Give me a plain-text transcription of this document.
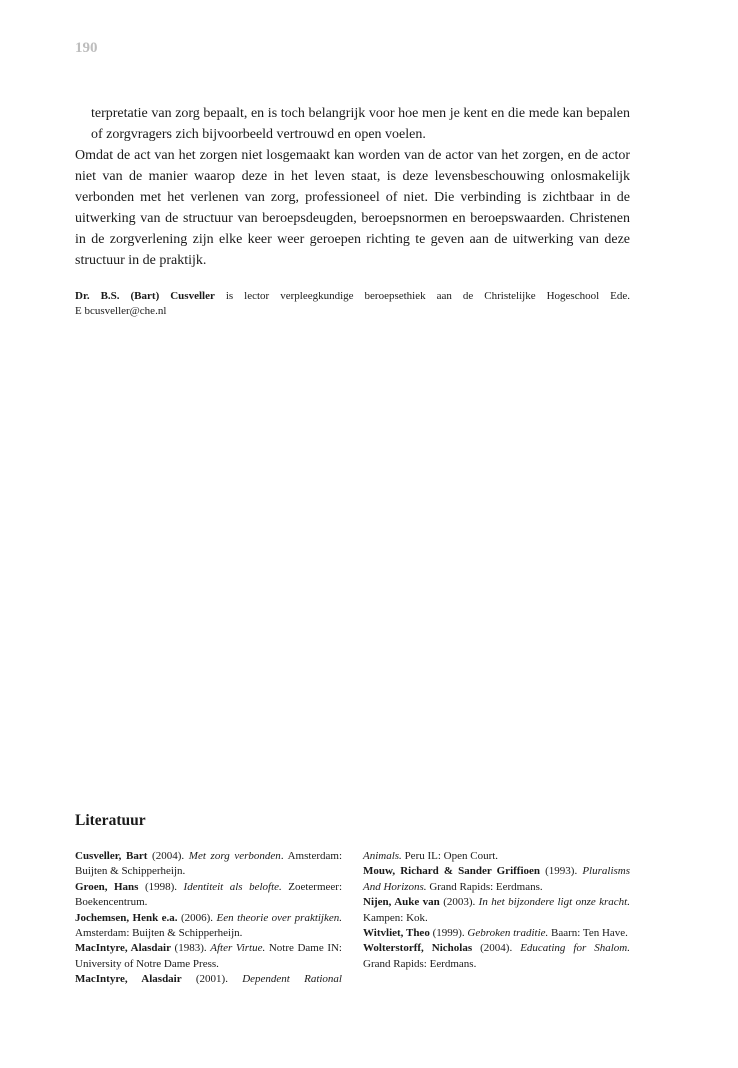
190

terpretatie van zorg bepaalt, en is toch belangrijk voor hoe men je kent en die mede kan bepalen of zorgvragers zich bijvoorbeeld vertrouwd en open voelen.

Omdat de act van het zorgen niet losgemaakt kan worden van de actor van het zorgen, en de actor niet van de manier waarop deze in het leven staat, is deze levensbeschouwing onlosmakelijk verbonden met het verlenen van zorg, professioneel of niet. Die verbinding is zichtbaar in de uitwerking van de structuur van beroepsdeugden, beroepsnormen en beroepswaarden. Christenen in de zorgverlening zijn elke keer weer geroepen richting te geven aan de uitwerking van deze structuur in de praktijk.

Dr. B.S. (Bart) Cusveller is lector verpleegkundige beroepsethiek aan de Christelijke Hogeschool Ede.
E bcusveller@che.nl
Literatuur

Cusveller, Bart (2004). Met zorg verbonden. Amsterdam: Buijten & Schipperheijn.

Groen, Hans (1998). Identiteit als belofte. Zoetermeer: Boekencentrum.

Jochemsen, Henk e.a. (2006). Een theorie over praktijken. Amsterdam: Buijten & Schipperheijn.

MacIntyre, Alasdair (1983). After Virtue. Notre Dame IN: University of Notre Dame Press.

MacIntyre, Alasdair (2001). Dependent Rational

Animals. Peru IL: Open Court.

Mouw, Richard & Sander Griffioen (1993). Pluralisms And Horizons. Grand Rapids: Eerdmans.

Nijen, Auke van (2003). In het bijzondere ligt onze kracht. Kampen: Kok.

Witvliet, Theo (1999). Gebroken traditie. Baarn: Ten Have.

Wolterstorff, Nicholas (2004). Educating for Shalom. Grand Rapids: Eerdmans.
